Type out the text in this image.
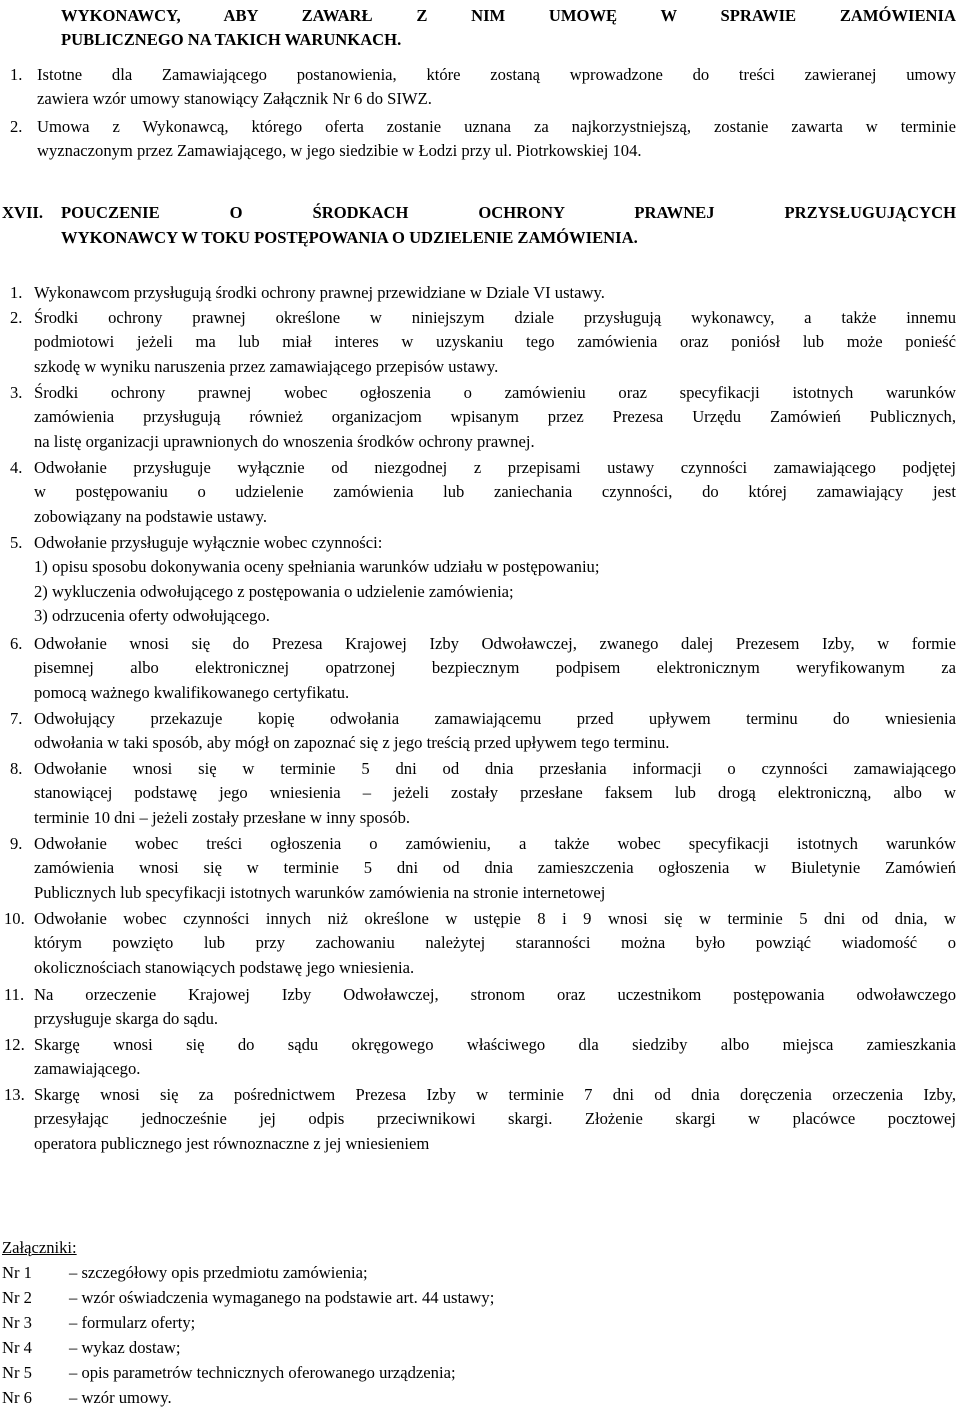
WYKONAWCY, ABY ZAWARŁ Z NIM UMOWĘ W SPRAWIE ZAMÓWIENIA
PUBLICZNEGO NA TAKICH WARUNKACH.
1. Istotne dla Zamawiającego postanowienia, które zostaną wprowadzone do treści zawieranej umowy
zawiera wzór umowy stanowiący Załącznik Nr 6 do SIWZ.
2. Umowa z Wykonawcą, którego oferta zostanie uznana za najkorzystniejszą, zostanie zawarta w terminie
wyznaczonym przez Zamawiającego, w jego siedzibie w Łodzi przy ul. Piotrkowskiej 104.
XVII. POUCZENIE O ŚRODKACH OCHRONY PRAWNEJ PRZYSŁUGUJĄCYCH
WYKONAWCY W TOKU POSTĘPOWANIA O UDZIELENIE ZAMÓWIENIA.
1. Wykonawcom przysługują środki ochrony prawnej przewidziane w Dziale VI ustawy.
2. Środki ochrony prawnej określone w niniejszym dziale przysługują wykonawcy, a także innemu
podmiotowi jeżeli ma lub miał interes w uzyskaniu tego zamówienia oraz poniósł lub może ponieść
szkodę w wyniku naruszenia przez zamawiającego przepisów ustawy.
3. Środki ochrony prawnej wobec ogłoszenia o zamówieniu oraz specyfikacji istotnych warunków
zamówienia przysługują również organizacjom wpisanym przez Prezesa Urzędu Zamówień Publicznych,
na listę organizacji uprawnionych do wnoszenia środków ochrony prawnej.
4. Odwołanie przysługuje wyłącznie od niezgodnej z przepisami ustawy czynności zamawiającego podjętej
w postępowaniu o udzielenie zamówienia lub zaniechania czynności, do której zamawiający jest
zobowiązany na podstawie ustawy.
5. Odwołanie przysługuje wyłącznie wobec czynności:
1) opisu sposobu dokonywania oceny spełniania warunków udziału w postępowaniu;
2) wykluczenia odwołującego z postępowania o udzielenie zamówienia;
3) odrzucenia oferty odwołującego.
6. Odwołanie wnosi się do Prezesa Krajowej Izby Odwoławczej, zwanego dalej Prezesem Izby, w formie
pisemnej albo elektronicznej opatrzonej bezpiecznym podpisem elektronicznym weryfikowanym za
pomocą ważnego kwalifikowanego certyfikatu.
7. Odwołujący przekazuje kopię odwołania zamawiającemu przed upływem terminu do wniesienia
odwołania w taki sposób, aby mógł on zapoznać się z jego treścią przed upływem tego terminu.
8. Odwołanie wnosi się w terminie 5 dni od dnia przesłania informacji o czynności zamawiającego
stanowiącej podstawę jego wniesienia – jeżeli zostały przesłane faksem lub drogą elektroniczną, albo w
terminie 10 dni – jeżeli zostały przesłane w inny sposób.
9. Odwołanie wobec treści ogłoszenia o zamówieniu, a także wobec specyfikacji istotnych warunków
zamówienia wnosi się w terminie 5 dni od dnia zamieszczenia ogłoszenia w Biuletynie Zamówień
Publicznych lub specyfikacji istotnych warunków zamówienia na stronie internetowej
10. Odwołanie wobec czynności innych niż określone w ustępie 8 i 9 wnosi się w terminie 5 dni od dnia, w
którym powzięto lub przy zachowaniu należytej staranności można było powziąć wiadomość o
okolicznościach stanowiących podstawę jego wniesienia.
11. Na orzeczenie Krajowej Izby Odwoławczej, stronom oraz uczestnikom postępowania odwoławczego
przysługuje skarga do sądu.
12. Skargę wnosi się do sądu okręgowego właściwego dla siedziby albo miejsca zamieszkania
zamawiającego.
13. Skargę wnosi się za pośrednictwem Prezesa Izby w terminie 7 dni od dnia doręczenia orzeczenia Izby,
przesyłając jednocześnie jej odpis przeciwnikowi skargi. Złożenie skargi w placówce pocztowej
operatora publicznego jest równoznaczne z jej wniesieniem
Załączniki:
Nr 1 – szczegółowy opis przedmiotu zamówienia;
Nr 2 – wzór oświadczenia wymaganego na podstawie art. 44 ustawy;
Nr 3 – formularz oferty;
Nr 4 – wykaz dostaw;
Nr 5 – opis parametrów technicznych oferowanego urządzenia;
Nr 6 – wzór umowy.
